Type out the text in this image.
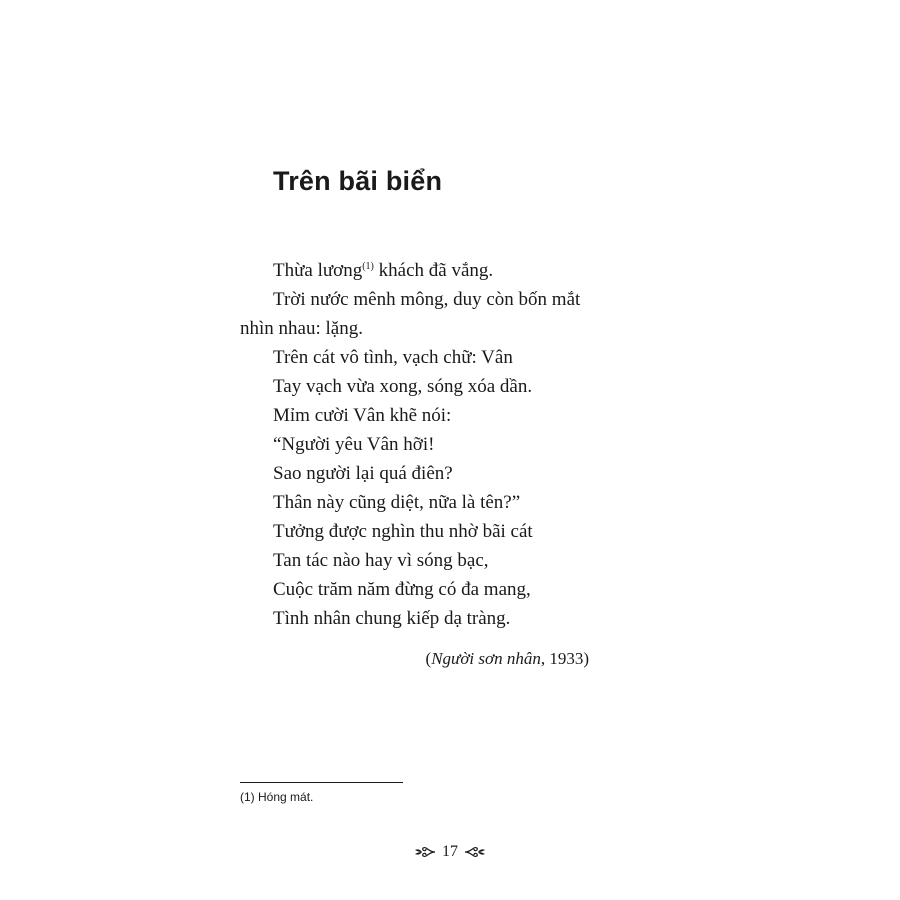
Trên bãi biển
Thừa lương$^{(1)}$ khách đã vắng.
Trời nước mênh mông, duy còn bốn mắt
nhìn nhau: lặng.
Trên cát vô tình, vạch chữ: Vân
Tay vạch vừa xong, sóng xóa dần.
Mỉm cười Vân khẽ nói:
“Người yêu Vân hỡi!
Sao người lại quá điên?
Thân này cũng diệt, nữa là tên?”
Tưởng được nghìn thu nhờ bãi cát
Tan tác nào hay vì sóng bạc,
Cuộc trăm năm đừng có đa mang,
Tình nhân chung kiếp dạ tràng.
(Người sơn nhân, 1933)
(1) Hóng mát.
17
